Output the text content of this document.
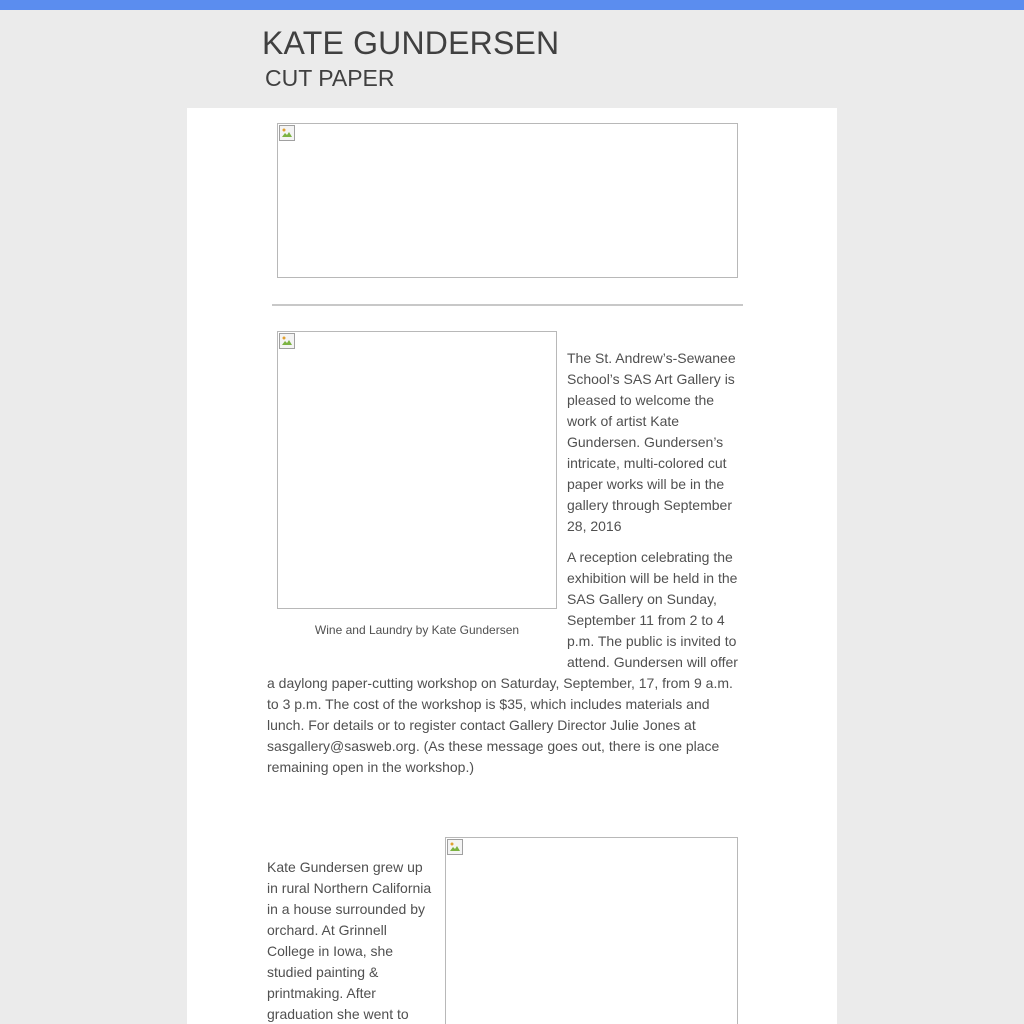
KATE GUNDERSEN
CUT PAPER
Wine and Laundry by Kate Gundersen

The St. Andrew’s-Sewanee

School’s SAS Art Gallery is

pleased to welcome the

work of artist Kate

Gundersen. Gundersen’s

intricate, multi-colored cut

paper works will be in the

gallery through September

28, 2016

A reception celebrating the

exhibition will be held in the

SAS Gallery on Sunday,

September 11 from 2 to 4

p.m. The public is invited to

attend. Gundersen will offer

a daylong paper-cutting workshop on Saturday, September, 17, from 9 a.m.

to 3 p.m. The cost of the workshop is $35, which includes materials and

lunch. For details or to register contact Gallery Director Julie Jones at

sasgallery@sasweb.org. (As these message goes out, there is one place

remaining open in the workshop.)

Kate Gundersen grew up

in rural Northern California

in a house surrounded by

orchard. At Grinnell

College in Iowa, she

studied painting &

printmaking. After

graduation she went to
